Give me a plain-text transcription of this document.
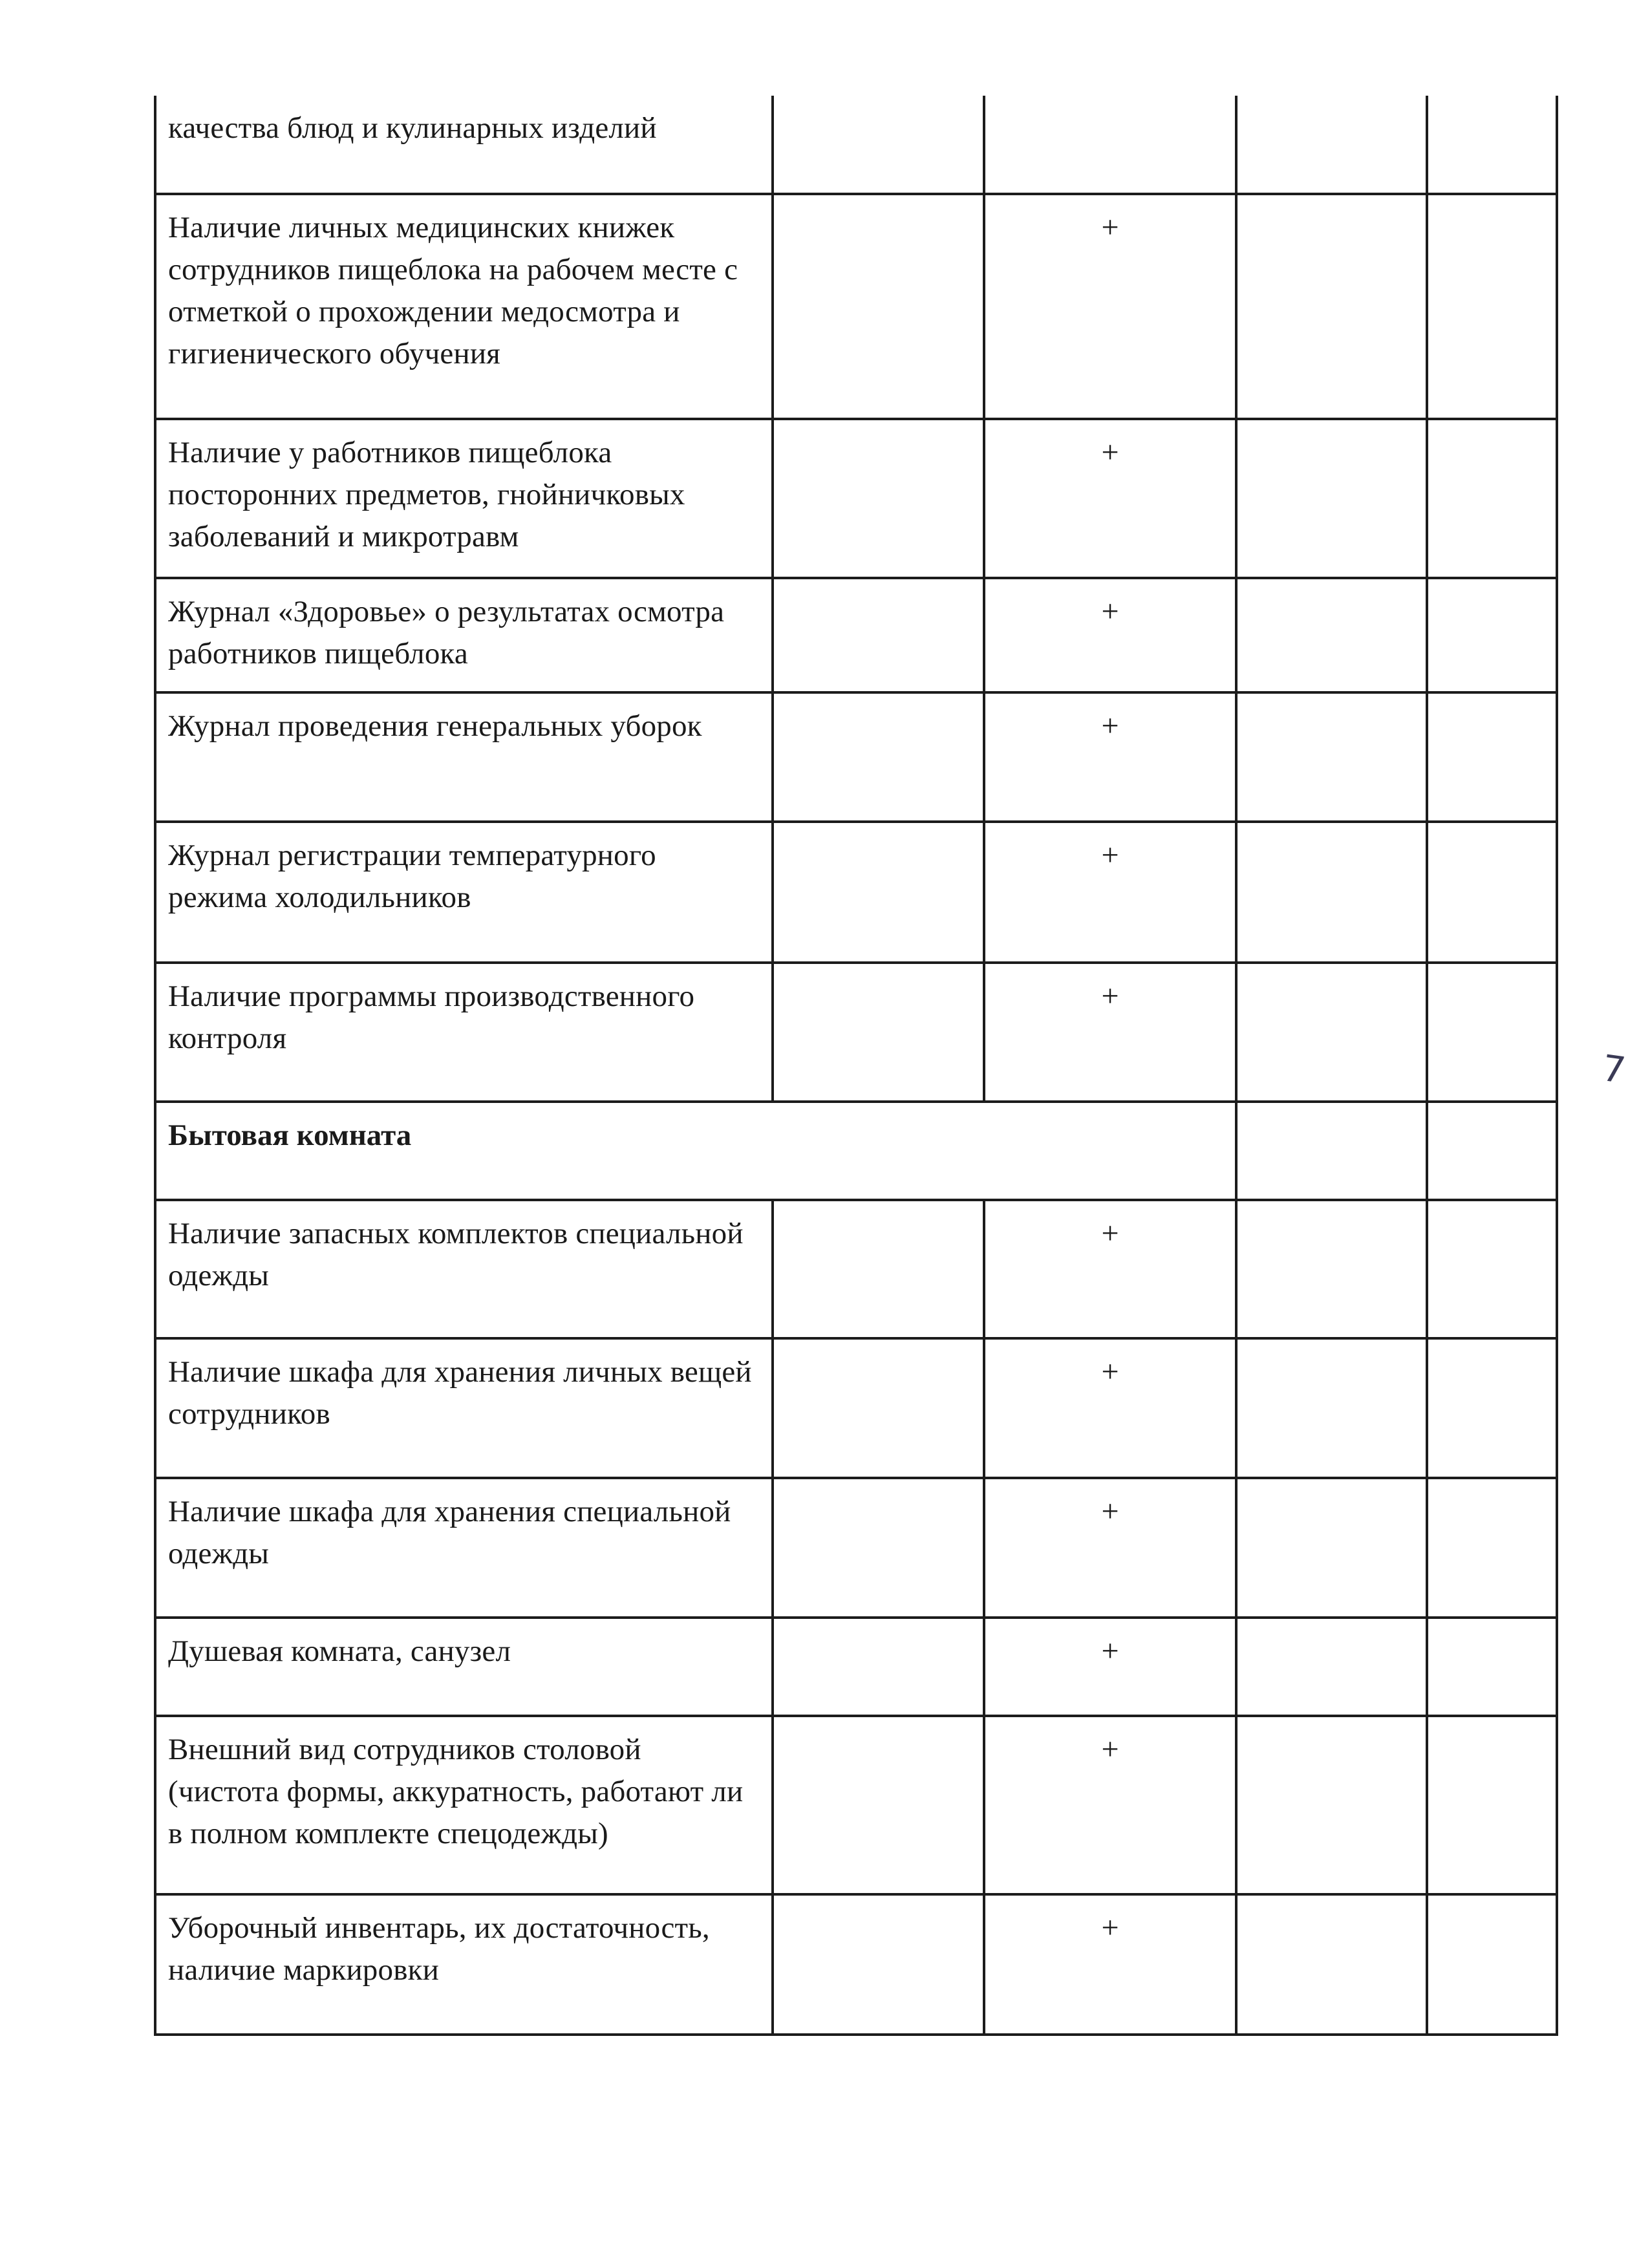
качества блюд и кулинарных изделий				
Наличие личных медицинских книжек сотрудников пищеблока на рабочем месте с отметкой о прохождении медосмотра и гигиенического обучения		+		
Наличие у работников пищеблока посторонних предметов, гнойничковых заболеваний и микротравм		+		
Журнал «Здоровье» о результатах осмотра работников пищеблока		+		
Журнал проведения генеральных уборок		+		
Журнал регистрации температурного режима холодильников		+		
Наличие программы производственного контроля		+		
Бытовая комната				
Наличие запасных комплектов специальной одежды		+		
Наличие шкафа для хранения личных вещей сотрудников		+		
Наличие шкафа для хранения специальной одежды		+		
Душевая комната, санузел		+		
Внешний вид сотрудников столовой (чистота формы, аккуратность, работают ли в полном комплекте спецодежды)		+		
Уборочный инвентарь, их достаточность, наличие маркировки		+		
7
